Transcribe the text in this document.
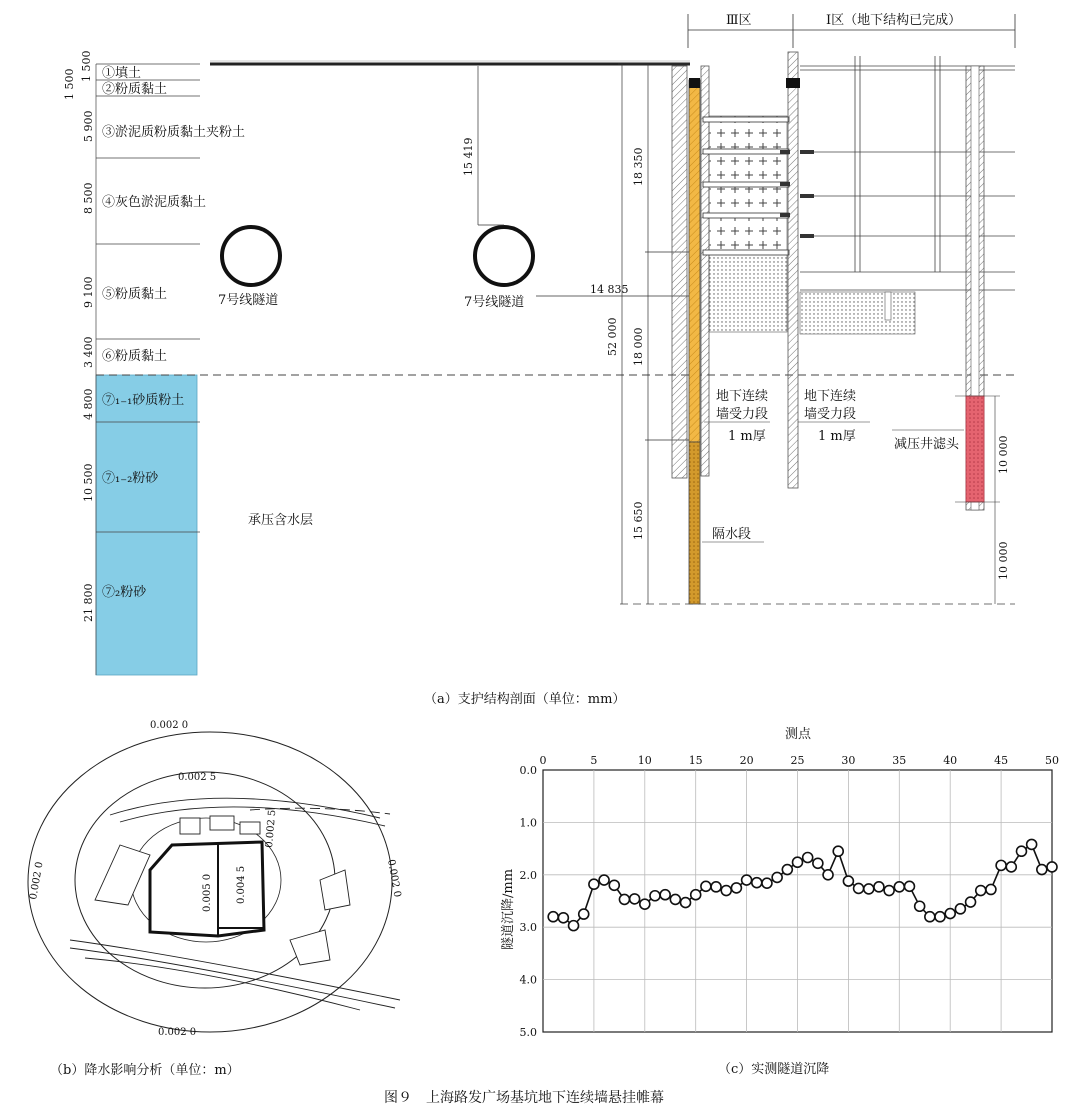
1 500
1 500
5 900
8 500
9 100
3 400
4 800
10 500
21 800
①填土
②粉质黏土
③淤泥质粉质黏土夹粉土
④灰色淤泥质黏土
⑤粉质黏土
⑥粉质黏土
⑦₁₋₁砂质粉土
⑦₁₋₂粉砂
⑦₂粉砂
7号线隧道	7号线隧道
15 419
14 835
18 350
18 000
52 000
15 650
承压含水层
10 000
10 000
Ⅲ区	Ⅰ区（地下结构已完成）
地下连续
墙受力段
1 m厚
地下连续
墙受力段
1 m厚
隔水段
减压井滤头
（a）支护结构剖面（单位：mm）
0.002 0
0.002 0
0.002 0	0.002 0
0.002 5
0.002 5
0.005 0 0.004 5
（b）降水影响分析（单位：m）
0	5	10	15	20	25	30	35	40	45	50
0.0
1.0
2.0
3.0
4.0
5.0
测点
隧道沉降/mm
（c）实测隧道沉降
图９　上海路发广场基坑地下连续墙悬挂帷幕
